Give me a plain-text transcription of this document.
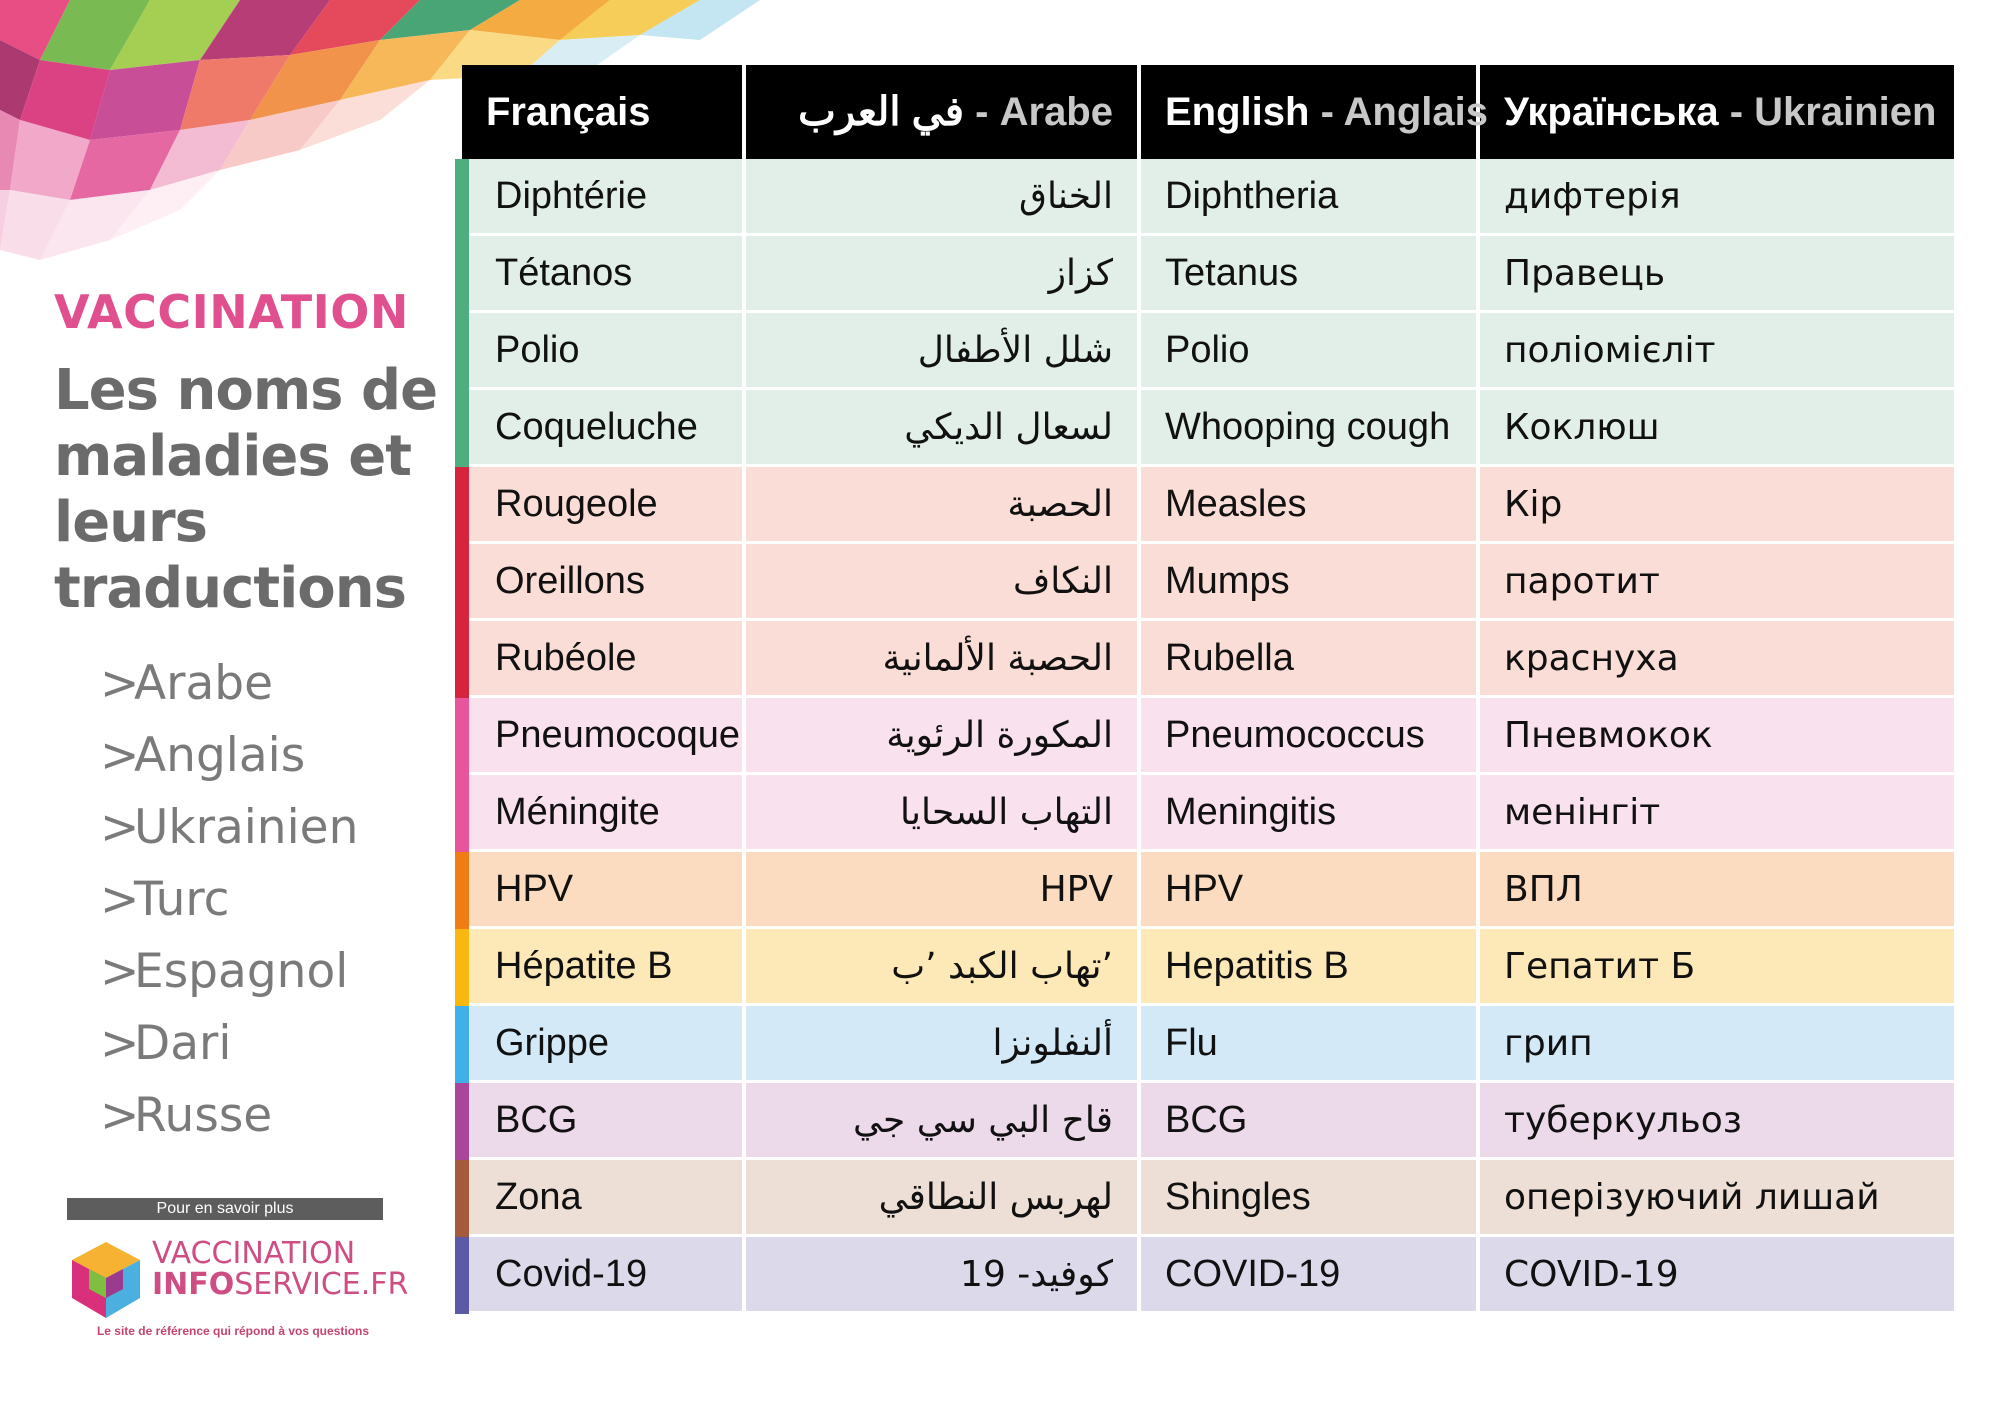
VACCINATION
Les noms de maladies et leurs traductions
>Arabe
>Anglais
>Ukrainien
>Turc
>Espagnol
>Dari
>Russe
Pour en savoir plus
VACCINATION
INFOSERVICE.FR
Le site de référence qui répond à vos questions
Français	في العرب - Arabe	English - Anglais	Українська - Ukrainien
Diphtérie	الخناق	Diphtheria	дифтерія
Tétanos	كزاز	Tetanus	Правець
Polio	شلل الأطفال	Polio	поліомієліт
Coqueluche	لسعال الديكي	Whooping cough	Коклюш
Rougeole	الحصبة	Measles	Кір
Oreillons	النكاف	Mumps	паротит
Rubéole	الحصبة الألمانية	Rubella	краснуха
Pneumocoque	المكورة الرئوية	Pneumococcus	Пневмокок
Méningite	التهاب السحايا	Meningitis	менінгіт
HPV	HPV	HPV	ВПЛ
Hépatite B	’تهاب الكبد ’ب	Hepatitis B	Гепатит Б
Grippe	ألنفلونزا	Flu	грип
BCG	قاح البي سي جي	BCG	туберкульоз
Zona	لهربس النطاقي	Shingles	оперізуючий лишай
Covid-19	كوفيد- 19	COVID-19	COVID-19
